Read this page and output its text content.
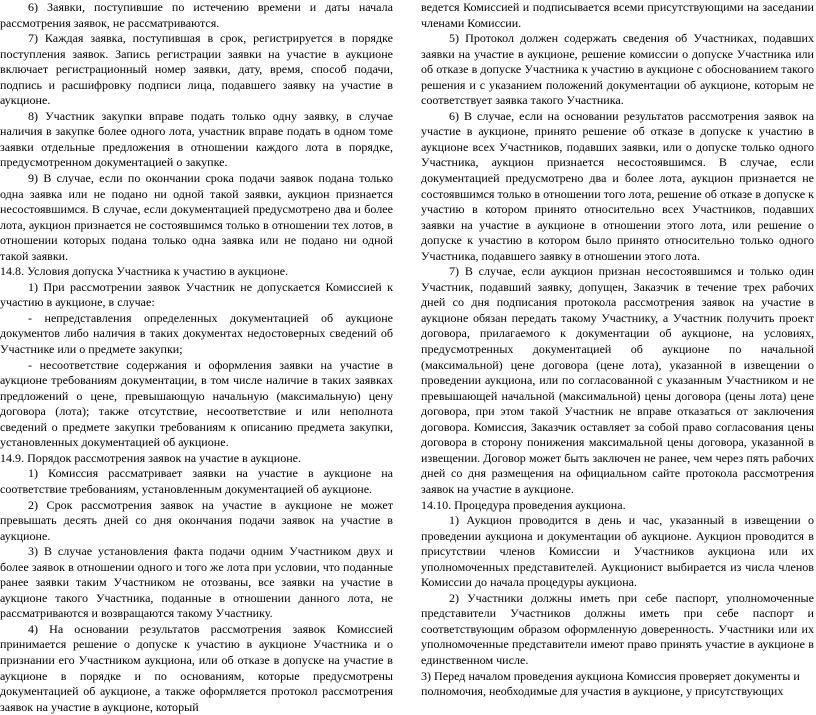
6) Заявки, поступившие по истечению времени и даты начала рассмотрения заявок, не рассматриваются.

7) Каждая заявка, поступившая в срок, регистрируется в порядке поступления заявок. Запись регистрации заявки на участие в аукционе включает регистрационный номер заявки, дату, время, способ подачи, подпись и расшифровку подписи лица, подавшего заявку на участие в аукционе.

8) Участник закупки вправе подать только одну заявку, в случае наличия в закупке более одного лота, участник вправе подать в одном томе заявки отдельные предложения в отношении каждого лота в порядке, предусмотренном документацией о закупке.

9) В случае, если по окончании срока подачи заявок подана только одна заявка или не подано ни одной такой заявки, аукцион признается несостоявшимся. В случае, если документацией предусмотрено два и более лота, аукцион признается не состоявшимся только в отношении тех лотов, в отношении которых подана только одна заявка или не подано ни одной такой заявки.

14.8. Условия допуска Участника к участию в аукционе.

1) При рассмотрении заявок Участник не допускается Комиссией к участию в аукционе, в случае:

- непредставления определенных документацией об аукционе документов либо наличия в таких документах недостоверных сведений об Участнике или о предмете закупки;

- несоответствие содержания и оформления заявки на участие в аукционе требованиям документации, в том числе наличие в таких заявках предложений о цене, превышающую начальную (максимальную) цену договора (лота); также отсутствие, несоответствие и или неполнота сведений о предмете закупки требованиям к описанию предмета закупки, установленных документацией об аукционе.

14.9. Порядок рассмотрения заявок на участие в аукционе.

1) Комиссия рассматривает заявки на участие в аукционе на соответствие требованиям, установленным документацией об аукционе.

2) Срок рассмотрения заявок на участие в аукционе не может превышать десять дней со дня окончания подачи заявок на участие в аукционе.

3) В случае установления факта подачи одним Участником двух и более заявок в отношении одного и того же лота при условии, что поданные ранее заявки таким Участником не отозваны, все заявки на участие в аукционе такого Участника, поданные в отношении данного лота, не рассматриваются и возвращаются такому Участнику.

4) На основании результатов рассмотрения заявок Комиссией принимается решение о допуске к участию в аукционе Участника и о признании его Участником аукциона, или об отказе в допуске на участие в аукционе в порядке и по основаниям, которые предусмотрены документацией об аукционе, а также оформляется протокол рассмотрения заявок на участие в аукционе, который

ведется Комиссией и подписывается всеми присутствующими на заседании членами Комиссии.

5) Протокол должен содержать сведения об Участниках, подавших заявки на участие в аукционе, решение комиссии о допуске Участника или об отказе в допуске Участника к участию в аукционе с обоснованием такого решения и с указанием положений документации об аукционе, которым не соответствует заявка такого Участника.

6) В случае, если на основании результатов рассмотрения заявок на участие в аукционе, принято решение об отказе в допуске к участию в аукционе всех Участников, подавших заявки, или о допуске только одного Участника, аукцион признается несостоявшимся. В случае, если документацией предусмотрено два и более лота, аукцион признается не состоявшимся только в отношении того лота, решение об отказе в допуске к участию в котором принято относительно всех Участников, подавших заявки на участие в аукционе в отношении этого лота, или решение о допуске к участию в котором было принято относительно только одного Участника, подавшего заявку в отношении этого лота.

7) В случае, если аукцион признан несостоявшимся и только один Участник, подавший заявку, допущен, Заказчик в течение трех рабочих дней со дня подписания протокола рассмотрения заявок на участие в аукционе обязан передать такому Участнику, а Участник получить проект договора, прилагаемого к документации об аукционе, на условиях, предусмотренных документацией об аукционе по начальной (максимальной) цене договора (цене лота), указанной в извещении о проведении аукциона, или по согласованной с указанным Участником и не превышающей начальной (максимальной) цены договора (цены лота) цене договора, при этом такой Участник не вправе отказаться от заключения договора. Комиссия, Заказчик оставляет за собой право согласования цены договора в сторону понижения максимальной цены договора, указанной в извещении. Договор может быть заключен не ранее, чем через пять рабочих дней со дня размещения на официальном сайте протокола рассмотрения заявок на участие в аукционе.

14.10. Процедура проведения аукциона.

1) Аукцион проводится в день и час, указанный в извещении о проведении аукциона и документации об аукционе. Аукцион проводится в присутствии членов Комиссии и Участников аукциона или их уполномоченных представителей. Аукционист выбирается из числа членов Комиссии до начала процедуры аукциона.

2) Участники должны иметь при себе паспорт, уполномоченные представители Участников должны иметь при себе паспорт и соответствующим образом оформленную доверенность. Участники или их уполномоченные представители имеют право принять участие в аукционе в единственном числе.

3) Перед началом проведения аукциона Комиссия проверяет документы и полномочия, необходимые для участия в аукционе, у присутствующих
